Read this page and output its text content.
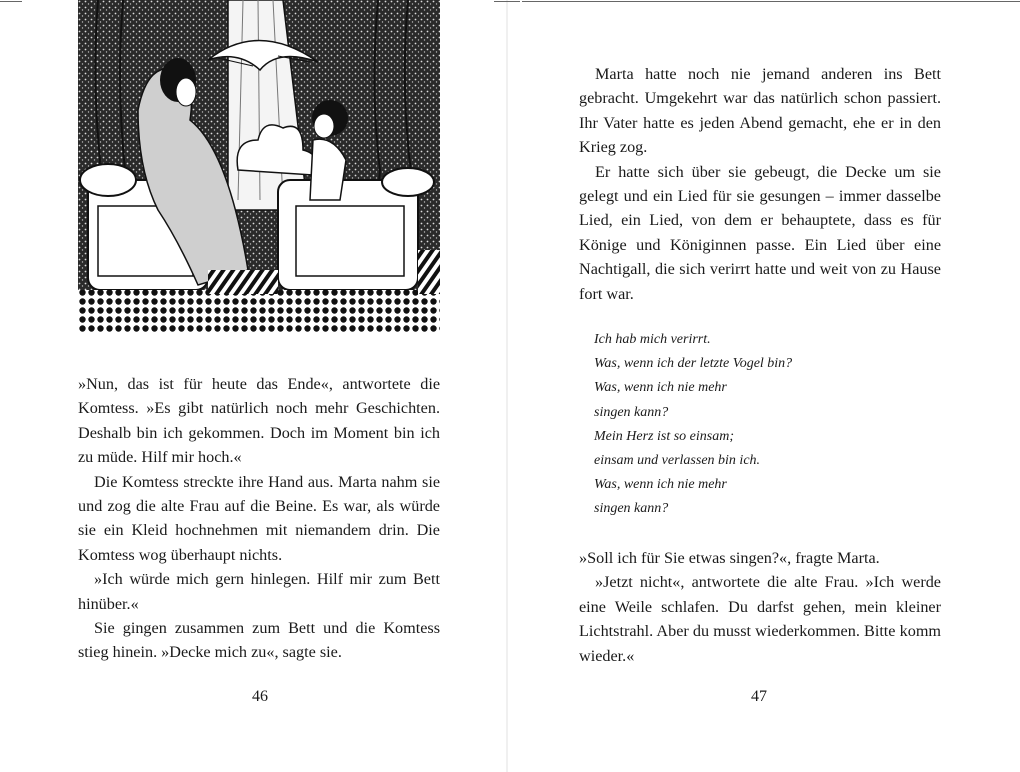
»Nun, das ist für heute das Ende«, antwortete die Komtess. »Es gibt natürlich noch mehr Geschichten. Deshalb bin ich gekommen. Doch im Moment bin ich zu müde. Hilf mir hoch.«

Die Komtess streckte ihre Hand aus. Marta nahm sie und zog die alte Frau auf die Beine. Es war, als würde sie ein Kleid hochnehmen mit niemandem drin. Die Komtess wog überhaupt nichts.

»Ich würde mich gern hinlegen. Hilf mir zum Bett hinüber.«

Sie gingen zusammen zum Bett und die Komtess stieg hinein. »Decke mich zu«, sagte sie.

46

Marta hatte noch nie jemand anderen ins Bett gebracht. Umgekehrt war das natürlich schon passiert. Ihr Vater hatte es jeden Abend gemacht, ehe er in den Krieg zog.

Er hatte sich über sie gebeugt, die Decke um sie gelegt und ein Lied für sie gesungen – immer dasselbe Lied, ein Lied, von dem er behauptete, dass es für Könige und Königinnen passe. Ein Lied über eine Nachtigall, die sich verirrt hatte und weit von zu Hause fort war.

Ich hab mich verirrt.
Was, wenn ich der letzte Vogel bin?
Was, wenn ich nie mehr
singen kann?
Mein Herz ist so einsam;
einsam und verlassen bin ich.
Was, wenn ich nie mehr
singen kann?

»Soll ich für Sie etwas singen?«, fragte Marta.

»Jetzt nicht«, antwortete die alte Frau. »Ich werde eine Weile schlafen. Du darfst gehen, mein kleiner Lichtstrahl. Aber du musst wiederkommen. Bitte komm wieder.«

47
